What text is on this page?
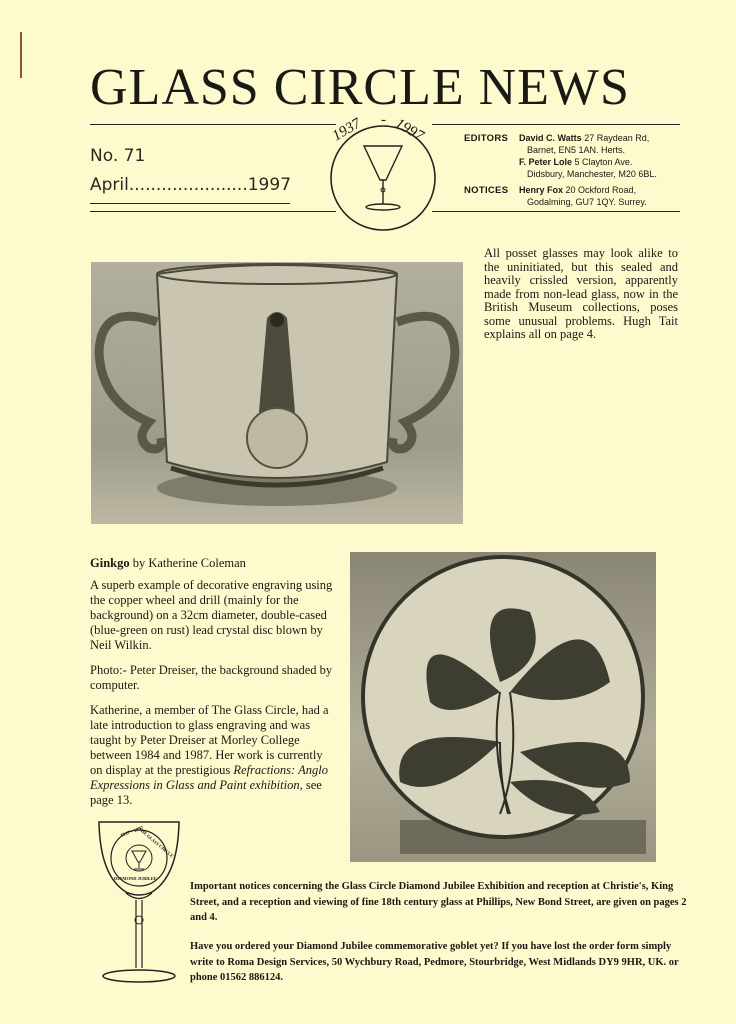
GLASS CIRCLE NEWS
No. 71
April......................1997
1937 - 1997	EDITORS David C. Watts 27 Raydean Rd,
Barnet, EN5 1AN. Herts.
F. Peter Lole 5 Clayton Ave.
Didsbury, Manchester, M20 6BL.
NOTICES Henry Fox 20 Ockford Road,
Godalming, GU7 1QY. Surrey.
All posset glasses may look alike to the uninitiated, but this sealed and heavily crissled version, apparently made from non-lead glass, now in the British Museum collections, poses some unusual problems. Hugh Tait explains all on page 4.
Ginkgo by Katherine Coleman

A superb example of decorative engraving using the copper wheel and drill (mainly for the background) on a 32cm diameter, double-cased (blue-green on rust) lead crystal disc blown by Neil Wilkin.

Photo:- Peter Dreiser, the background shaded by computer.

Katherine, a member of The Glass Circle, had a late introduction to glass engraving and was taught by Peter Dreiser at Morley College between 1984 and 1987. Her work is currently on display at the prestigious Refractions: Anglo Expressions in Glass and Paint exhibition, see page 13.

1937 - 1997
THE GLASS CIRCLE
DIAMOND JUBILEE
Important notices concerning the Glass Circle Diamond Jubilee Exhibition and reception at Christie's, King Street, and a reception and viewing of fine 18th century glass at Phillips, New Bond Street, are given on pages 2 and 4.
Have you ordered your Diamond Jubilee commemorative goblet yet? If you have lost the order form simply write to Roma Design Services, 50 Wychbury Road, Pedmore, Stourbridge, West Midlands DY9 9HR, UK. or phone 01562 886124.
